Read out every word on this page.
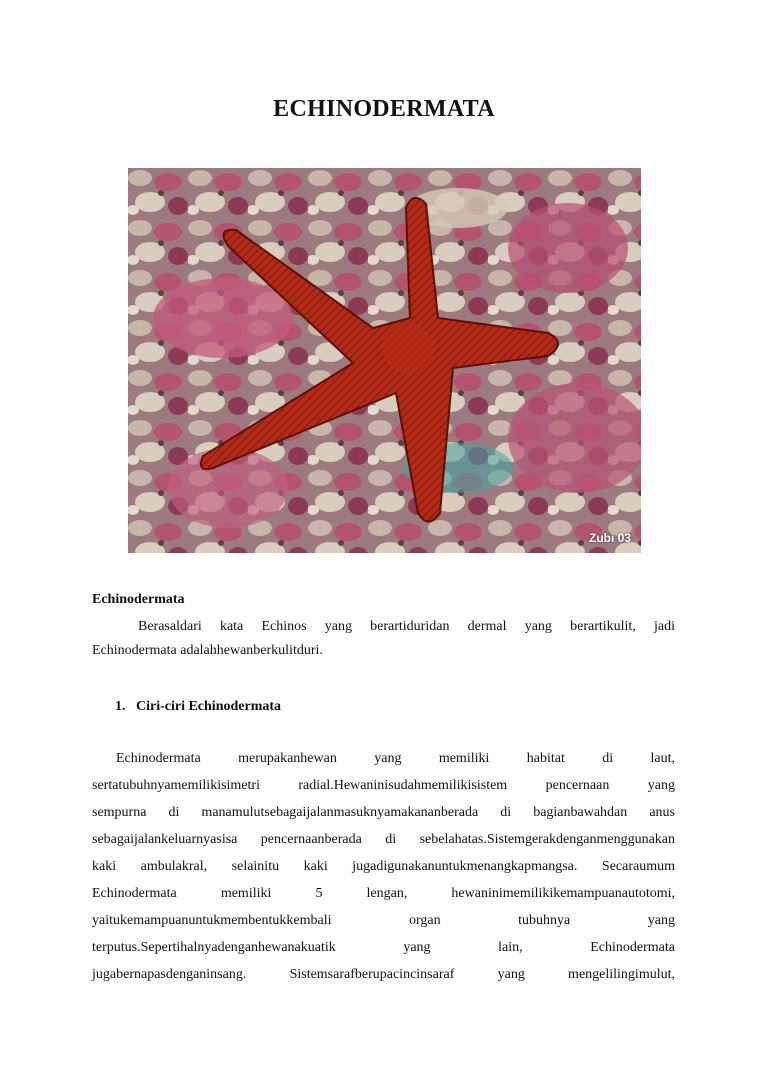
ECHINODERMATA
Zubi 03
Echinodermata
Berasaldari kata Echinos yang berartiduridan dermal yang berartikulit, jadi
Echinodermata adalahhewanberkulitduri.
1. Ciri-ciri Echinodermata
Echinodermata merupakanhewan yang memiliki habitat di laut,
sertatubuhnyamemilikisimetri radial.Hewaninisudahmemilikisistem pencernaan yang
sempurna di manamulutsebagaijalanmasuknyamakananberada di bagianbawahdan anus
sebagaijalankeluarnyasisa pencernaanberada di sebelahatas.Sistemgerakdenganmenggunakan
kaki ambulakral, selainitu kaki jugadigunakanuntukmenangkapmangsa. Secaraumum
Echinodermata memiliki 5 lengan, hewaninimemilikikemampuanautotomi,
yaitukemampuanuntukmembentukkembali organ tubuhnya yang
terputus.Sepertihalnyadenganhewanakuatik yang lain, Echinodermata
jugabernapasdenganinsang. Sistemsarafberupacincinsaraf yang mengelilingimulut,
